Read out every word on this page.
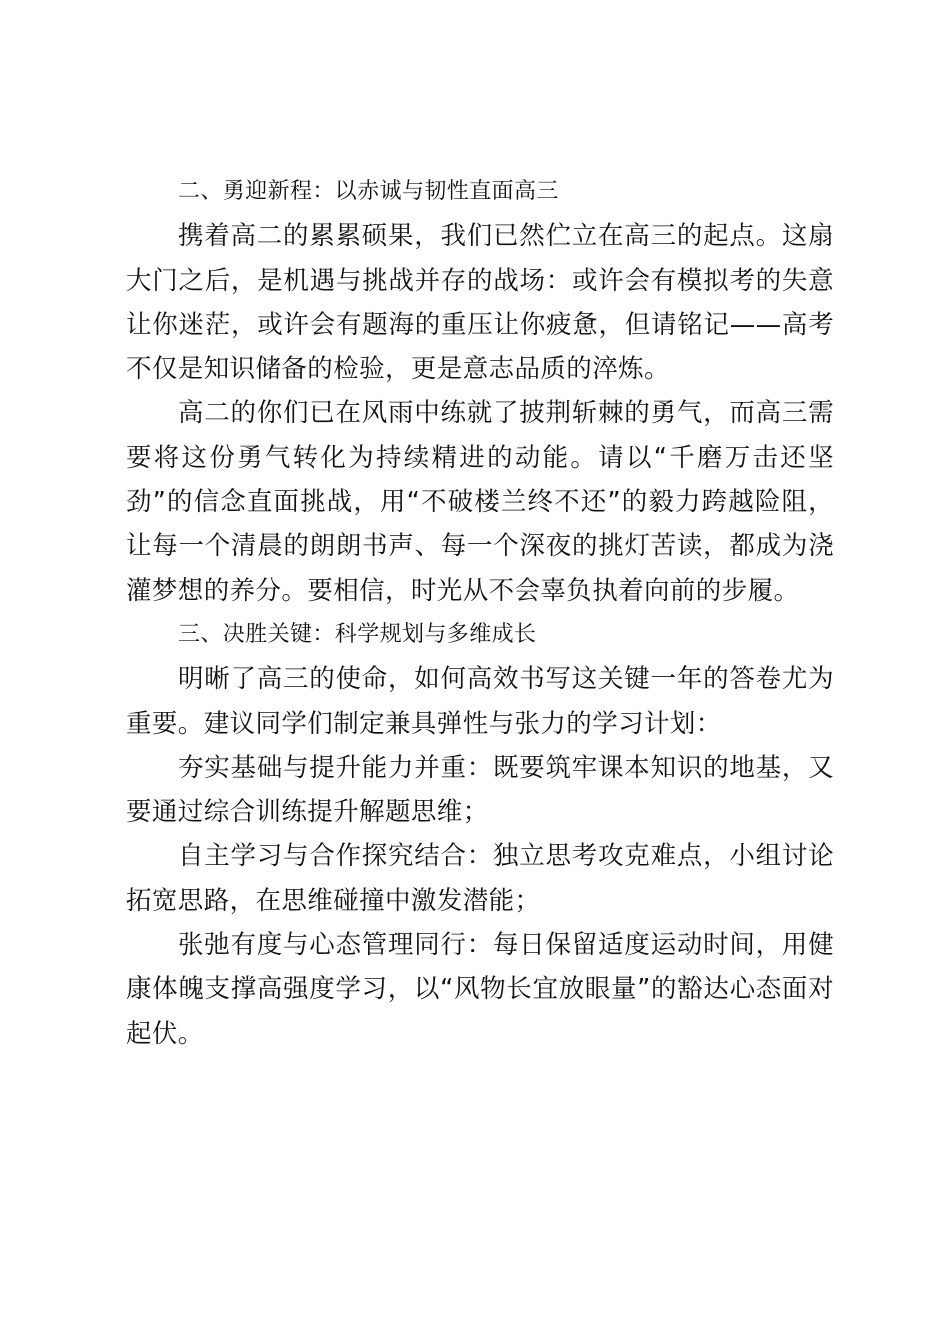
二、勇迎新程：以赤诚与韧性直面高三

携着高二的累累硕果，我们已然伫立在高三的起点。这扇大门之后，是机遇与挑战并存的战场：或许会有模拟考的失意让你迷茫，或许会有题海的重压让你疲惫，但请铭记——高考不仅是知识储备的检验，更是意志品质的淬炼。

高二的你们已在风雨中练就了披荆斩棘的勇气，而高三需要将这份勇气转化为持续精进的动能。请以“千磨万击还坚劲”的信念直面挑战，用“不破楼兰终不还”的毅力跨越险阻，让每一个清晨的朗朗书声、每一个深夜的挑灯苦读，都成为浇灌梦想的养分。要相信，时光从不会辜负执着向前的步履。

三、决胜关键：科学规划与多维成长

明晰了高三的使命，如何高效书写这关键一年的答卷尤为重要。建议同学们制定兼具弹性与张力的学习计划：

夯实基础与提升能力并重：既要筑牢课本知识的地基，又要通过综合训练提升解题思维；

自主学习与合作探究结合：独立思考攻克难点，小组讨论拓宽思路，在思维碰撞中激发潜能；

张弛有度与心态管理同行：每日保留适度运动时间，用健康体魄支撑高强度学习，以“风物长宜放眼量”的豁达心态面对起伏。
